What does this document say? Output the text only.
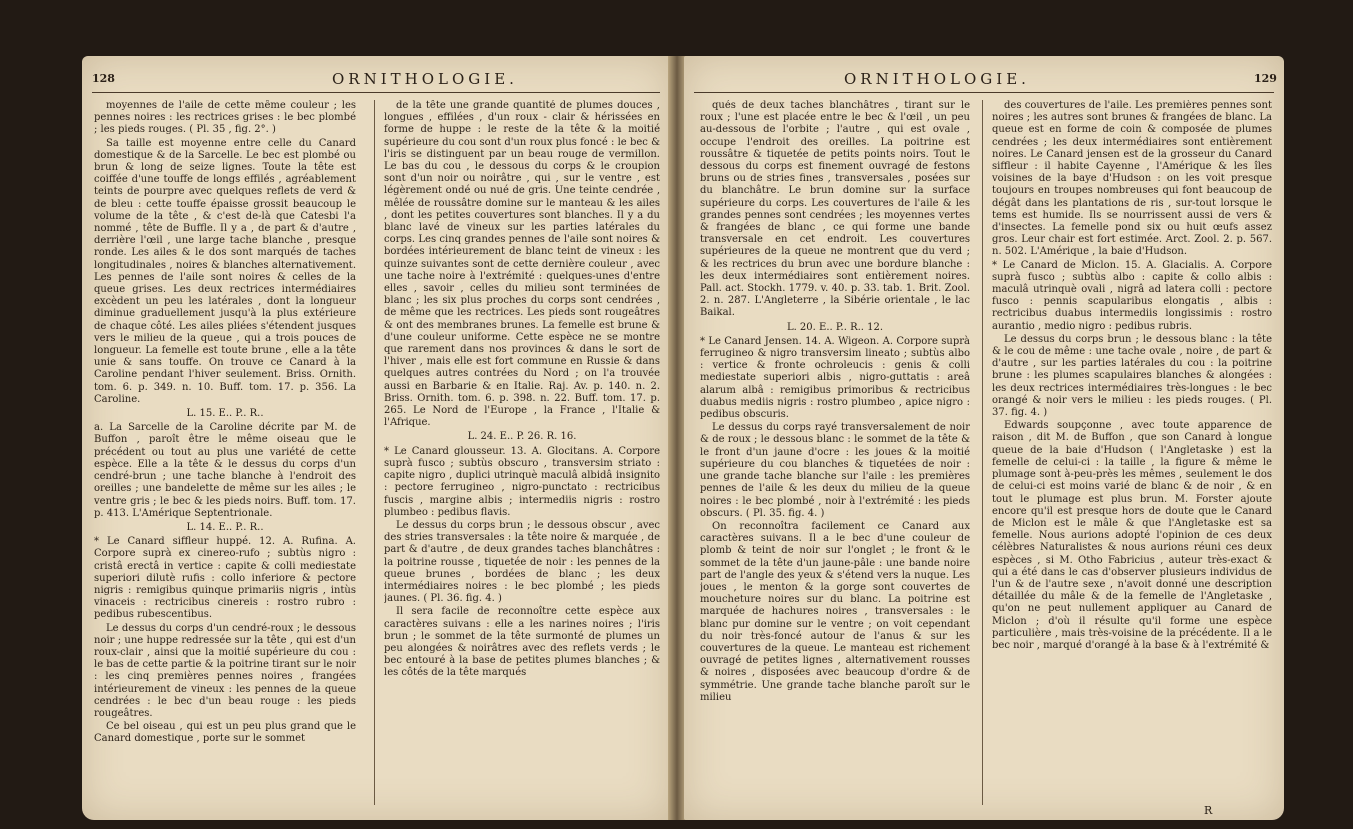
128	ORNITHOLOGIE.

moyennes de l'aile de cette même couleur ; les pennes noires : les rectrices grises : le bec plombé ; les pieds rouges. ( Pl. 35 , fig. 2°. )

Sa taille est moyenne entre celle du Canard domestique & de la Sarcelle. Le bec est plombé ou brun & long de seize lignes. Toute la tête est coiffée d'une touffe de longs effilés , agréablement teints de pourpre avec quelques reflets de verd & de bleu : cette touffe épaisse grossit beaucoup le volume de la tête , & c'est de-là que Catesbi l'a nommé , tête de Buffle. Il y a , de part & d'autre , derrière l'œil , une large tache blanche , presque ronde. Les ailes & le dos sont marqués de taches longitudinales , noires & blanches alternativement. Les pennes de l'aile sont noires & celles de la queue grises. Les deux rectrices intermédiaires excèdent un peu les latérales , dont la longueur diminue graduellement jusqu'à la plus extérieure de chaque côté. Les ailes pliées s'étendent jusques vers le milieu de la queue , qui a trois pouces de longueur. La femelle est toute brune , elle a la tête unie & sans touffe. On trouve ce Canard à la Caroline pendant l'hiver seulement. Briss. Ornith. tom. 6. p. 349. n. 10. Buff. tom. 17. p. 356. La Caroline.

L. 15. E.. P.. R..

a. La Sarcelle de la Caroline décrite par M. de Buffon , paroît être le même oiseau que le précédent ou tout au plus une variété de cette espèce. Elle a la tête & le dessus du corps d'un cendré-brun ; une tache blanche à l'endroit des oreilles ; une bandelette de même sur les ailes ; le ventre gris ; le bec & les pieds noirs. Buff. tom. 17. p. 413. L'Amérique Septentrionale.

L. 14. E.. P.. R..

* Le Canard siffleur huppé. 12. A. Rufina. A. Corpore suprà ex cinereo-rufo ; subtùs nigro : cristâ erectâ in vertice : capite & colli mediestate superiori dilutè rufis : collo inferiore & pectore nigris : remigibus quinque primariis nigris , intùs vinaceis : rectricibus cinereis : rostro rubro : pedibus rubescentibus.

Le dessus du corps d'un cendré-roux ; le dessous noir ; une huppe redressée sur la tête , qui est d'un roux-clair , ainsi que la moitié supérieure du cou : le bas de cette partie & la poitrine tirant sur le noir : les cinq premières pennes noires , frangées intérieurement de vineux : les pennes de la queue cendrées : le bec d'un beau rouge : les pieds rougeâtres.

Ce bel oiseau , qui est un peu plus grand que le Canard domestique , porte sur le sommet

de la tête une grande quantité de plumes douces , longues , effilées , d'un roux - clair & hérissées en forme de huppe : le reste de la tête & la moitié supérieure du cou sont d'un roux plus foncé : le bec & l'iris se distinguent par un beau rouge de vermillon. Le bas du cou , le dessous du corps & le croupion sont d'un noir ou noirâtre , qui , sur le ventre , est légèrement ondé ou nué de gris. Une teinte cendrée , mêlée de roussâtre domine sur le manteau & les ailes , dont les petites couvertures sont blanches. Il y a du blanc lavé de vineux sur les parties latérales du corps. Les cinq grandes pennes de l'aile sont noires & bordées intérieurement de blanc teint de vineux : les quinze suivantes sont de cette dernière couleur , avec une tache noire à l'extrémité : quelques-unes d'entre elles , savoir , celles du milieu sont terminées de blanc ; les six plus proches du corps sont cendrées , de même que les rectrices. Les pieds sont rougeâtres & ont des membranes brunes. La femelle est brune & d'une couleur uniforme. Cette espèce ne se montre que rarement dans nos provinces & dans le sort de l'hiver , mais elle est fort commune en Russie & dans quelques autres contrées du Nord ; on l'a trouvée aussi en Barbarie & en Italie. Raj. Av. p. 140. n. 2. Briss. Ornith. tom. 6. p. 398. n. 22. Buff. tom. 17. p. 265. Le Nord de l'Europe , la France , l'Italie & l'Afrique.

L. 24. E.. P. 26. R. 16.

* Le Canard glousseur. 13. A. Glocitans. A. Corpore suprà fusco ; subtùs obscuro , transversim striato : capite nigro , duplici utrinquè maculâ albidâ insignito : pectore ferrugineo , nigro-punctato : rectricibus fuscis , margine albis ; intermediis nigris : rostro plumbeo : pedibus flavis.

Le dessus du corps brun ; le dessous obscur , avec des stries transversales : la tête noire & marquée , de part & d'autre , de deux grandes taches blanchâtres : la poitrine rousse , tiquetée de noir : les pennes de la queue brunes , bordées de blanc ; les deux intermédiaires noires : le bec plombé ; les pieds jaunes. ( Pl. 36. fig. 4. )

Il sera facile de reconnoître cette espèce aux caractères suivans : elle a les narines noires ; l'iris brun ; le sommet de la tête surmonté de plumes un peu alongées & noirâtres avec des reflets verds ; le bec entouré à la base de petites plumes blanches ; & les côtés de la tête marqués

ORNITHOLOGIE.	129

qués de deux taches blanchâtres , tirant sur le roux ; l'une est placée entre le bec & l'œil , un peu au-dessous de l'orbite ; l'autre , qui est ovale , occupe l'endroit des oreilles. La poitrine est roussâtre & tiquetée de petits points noirs. Tout le dessous du corps est finement ouvragé de festons bruns ou de stries fines , transversales , posées sur du blanchâtre. Le brun domine sur la surface supérieure du corps. Les couvertures de l'aile & les grandes pennes sont cendrées ; les moyennes vertes & frangées de blanc , ce qui forme une bande transversale en cet endroit. Les couvertures supérieures de la queue ne montrent que du verd ; & les rectrices du brun avec une bordure blanche : les deux intermédiaires sont entièrement noires. Pall. act. Stockh. 1779. v. 40. p. 33. tab. 1. Brit. Zool. 2. n. 287. L'Angleterre , la Sibérie orientale , le lac Baikal.

L. 20. E.. P.. R.. 12.

* Le Canard Jensen. 14. A. Wigeon. A. Corpore suprà ferrugineo & nigro transversim lineato ; subtùs albo : vertice & fronte ochroleucis : genis & colli mediestate superiori albis , nigro-guttatis : areâ alarum albâ : remigibus primoribus & rectricibus duabus mediis nigris : rostro plumbeo , apice nigro : pedibus obscuris.

Le dessus du corps rayé transversalement de noir & de roux ; le dessous blanc : le sommet de la tête & le front d'un jaune d'ocre : les joues & la moitié supérieure du cou blanches & tiquetées de noir : une grande tache blanche sur l'aile : les premières pennes de l'aile & les deux du milieu de la queue noires : le bec plombé , noir à l'extrémité : les pieds obscurs. ( Pl. 35. fig. 4. )

On reconnoîtra facilement ce Canard aux caractères suivans. Il a le bec d'une couleur de plomb & teint de noir sur l'onglet ; le front & le sommet de la tête d'un jaune-pâle : une bande noire part de l'angle des yeux & s'étend vers la nuque. Les joues , le menton & la gorge sont couvertes de moucheture noires sur du blanc. La poitrine est marquée de hachures noires , transversales : le blanc pur domine sur le ventre ; on voit cependant du noir très-foncé autour de l'anus & sur les couvertures de la queue. Le manteau est richement ouvragé de petites lignes , alternativement rousses & noires , disposées avec beaucoup d'ordre & de symmétrie. Une grande tache blanche paroît sur le milieu

des couvertures de l'aile. Les premières pennes sont noires ; les autres sont brunes & frangées de blanc. La queue est en forme de coin & composée de plumes cendrées ; les deux intermédiaires sont entièrement noires. Le Canard jensen est de la grosseur du Canard siffleur : il habite Cayenne , l'Amérique & les îles voisines de la baye d'Hudson : on les voit presque toujours en troupes nombreuses qui font beaucoup de dégât dans les plantations de ris , sur-tout lorsque le tems est humide. Ils se nourrissent aussi de vers & d'insectes. La femelle pond six ou huit œufs assez gros. Leur chair est fort estimée. Arct. Zool. 2. p. 567. n. 502. L'Amérique , la baie d'Hudson.

* Le Canard de Miclon. 15. A. Glacialis. A. Corpore suprà fusco ; subtùs albo : capite & collo albis : maculâ utrinquè ovali , nigrâ ad latera colli : pectore fusco : pennis scapularibus elongatis , albis : rectricibus duabus intermediis longissimis : rostro aurantio , medio nigro : pedibus rubris.

Le dessus du corps brun ; le dessous blanc : la tête & le cou de même : une tache ovale , noire , de part & d'autre , sur les parties latérales du cou : la poitrine brune : les plumes scapulaires blanches & alongées : les deux rectrices intermédiaires très-longues : le bec orangé & noir vers le milieu : les pieds rouges. ( Pl. 37. fig. 4. )

Edwards soupçonne , avec toute apparence de raison , dit M. de Buffon , que son Canard à longue queue de la baie d'Hudson ( l'Angletaske ) est la femelle de celui-ci : la taille , la figure & même le plumage sont à-peu-près les mêmes , seulement le dos de celui-ci est moins varié de blanc & de noir , & en tout le plumage est plus brun. M. Forster ajoute encore qu'il est presque hors de doute que le Canard de Miclon est le mâle & que l'Angletaske est sa femelle. Nous aurions adopté l'opinion de ces deux célèbres Naturalistes & nous aurions réuni ces deux espèces , si M. Otho Fabricius , auteur très-exact & qui a été dans le cas d'observer plusieurs individus de l'un & de l'autre sexe , n'avoit donné une description détaillée du mâle & de la femelle de l'Angletaske , qu'on ne peut nullement appliquer au Canard de Miclon ; d'où il résulte qu'il forme une espèce particulière , mais très-voisine de la précédente. Il a le bec noir , marqué d'orangé à la base & à l'extrémité &

R
